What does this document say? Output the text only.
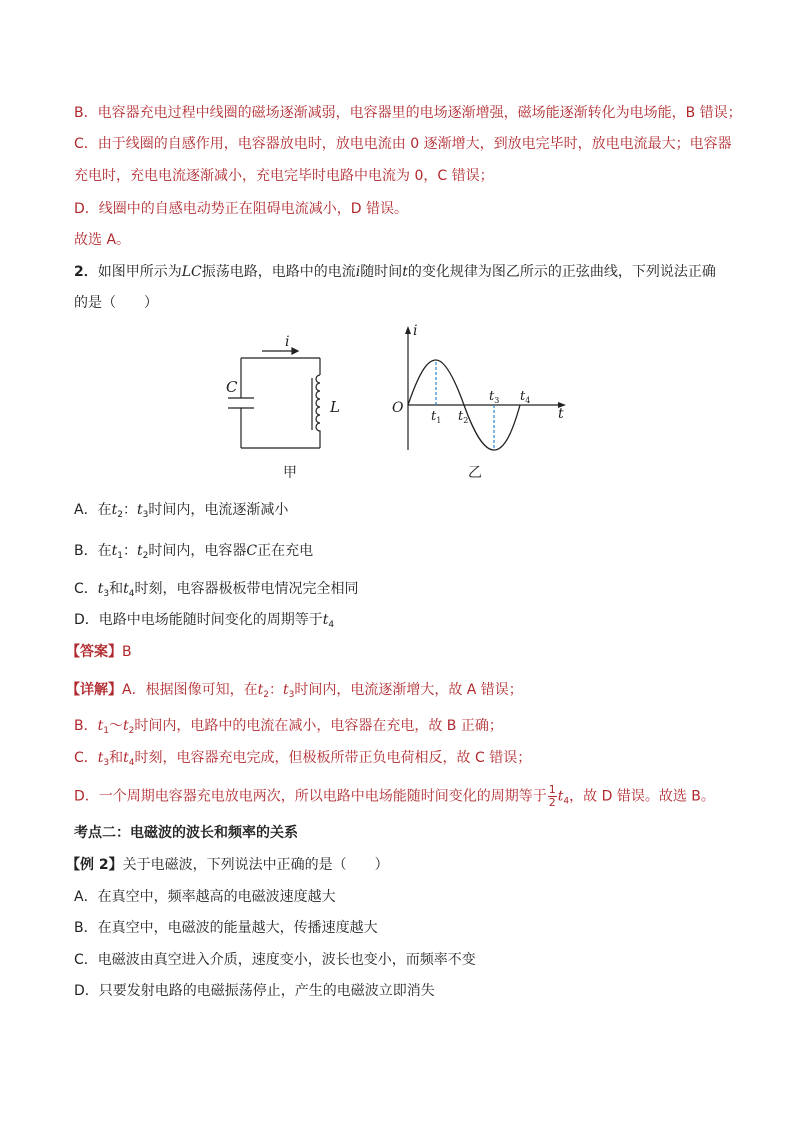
B．电容器充电过程中线圈的磁场逐渐减弱，电容器里的电场逐渐增强，磁场能逐渐转化为电场能，B 错误；
C．由于线圈的自感作用，电容器放电时，放电电流由 0 逐渐增大，到放电完毕时，放电电流最大；电容器
充电时，充电电流逐渐减小，充电完毕时电路中电流为 0，C 错误；
D．线圈中的自感电动势正在阻碍电流减小，D 错误。
故选 A。
2．如图甲所示为LC振荡电路，电路中的电流i随时间t的变化规律为图乙所示的正弦曲线，下列说法正确
的是（　　）
i
C
L
甲
i
t
O
$t_1$ $t_2$
$t_3$ $t_4$
乙
A．在$t_2$：$t_3$时间内，电流逐渐减小
B．在$t_1$：$t_2$时间内，电容器C正在充电
C．$t_3$和$t_4$时刻，电容器极板带电情况完全相同
D．电路中电场能随时间变化的周期等于$t_4$
【答案】B
【详解】A．根据图像可知，在$t_2$：$t_3$时间内，电流逐渐增大，故 A 错误；
B．$t_1\sim t_2$时间内，电路中的电流在减小，电容器在充电，故 B 正确；
C．$t_3$和$t_4$时刻，电容器充电完成，但极板所带正负电荷相反，故 C 错误；
D．一个周期电容器充电放电两次，所以电路中电场能随时间变化的周期等于 $\frac{1}{2} t_4$，故 D 错误。故选 B。
考点二：电磁波的波长和频率的关系
【例 2】关于电磁波，下列说法中正确的是（　　）
A．在真空中，频率越高的电磁波速度越大
B．在真空中，电磁波的能量越大，传播速度越大
C．电磁波由真空进入介质，速度变小，波长也变小，而频率不变
D．只要发射电路的电磁振荡停止，产生的电磁波立即消失
